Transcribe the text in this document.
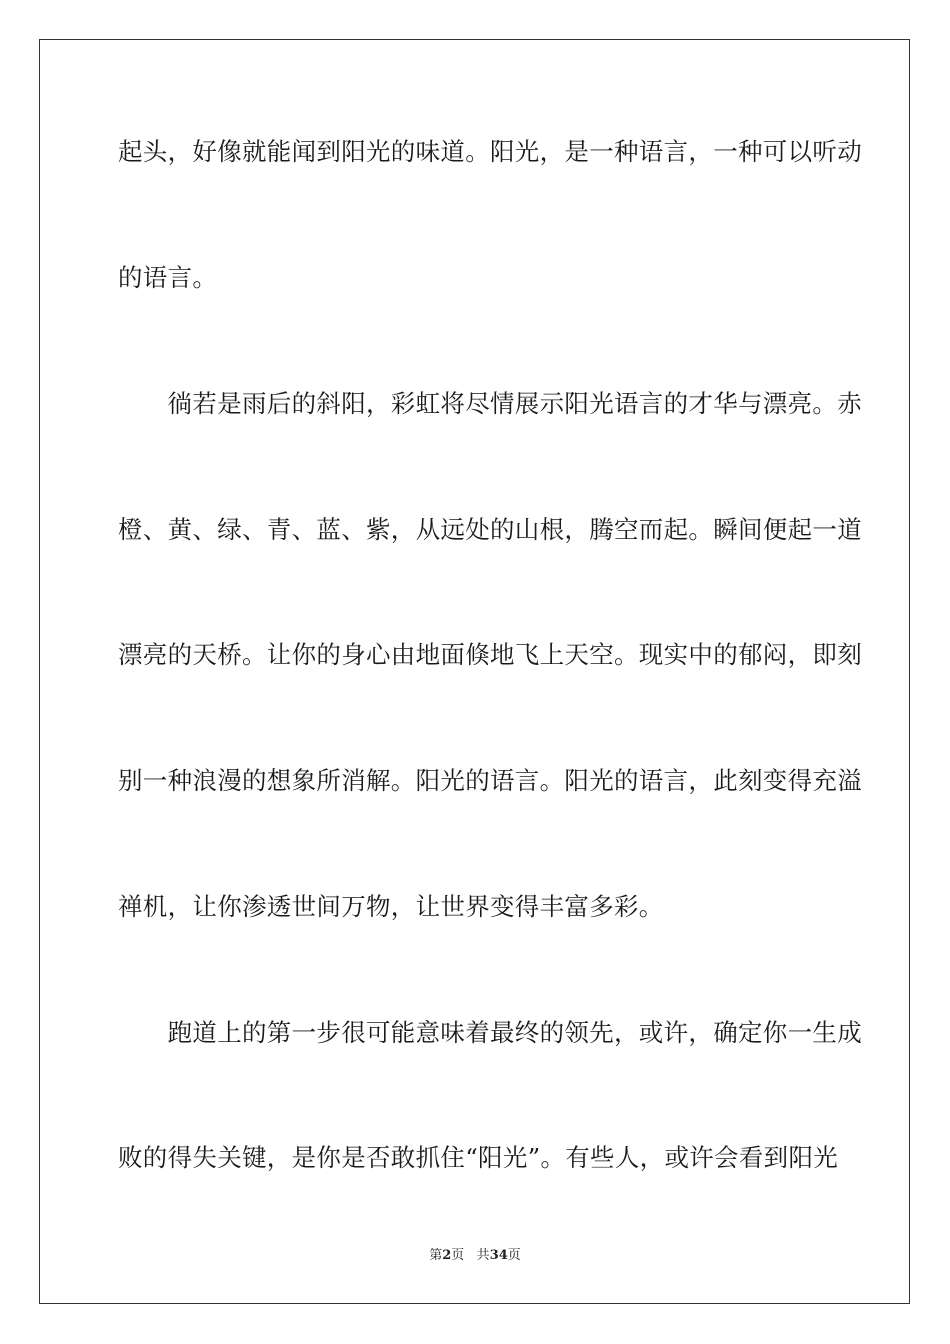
起头，好像就能闻到阳光的味道。阳光，是一种语言，一种可以听动
的语言。
　　徜若是雨后的斜阳，彩虹将尽情展示阳光语言的才华与漂亮。赤
橙、黄、绿、青、蓝、紫，从远处的山根，腾空而起。瞬间便起一道
漂亮的天桥。让你的身心由地面倏地飞上天空。现实中的郁闷，即刻
别一种浪漫的想象所消解。阳光的语言。阳光的语言，此刻变得充溢
禅机，让你渗透世间万物，让世界变得丰富多彩。
　　跑道上的第一步很可能意味着最终的领先，或许，确定你一生成
败的得失关键，是你是否敢抓住“阳光”。有些人，或许会看到阳光
第2页 共34页
